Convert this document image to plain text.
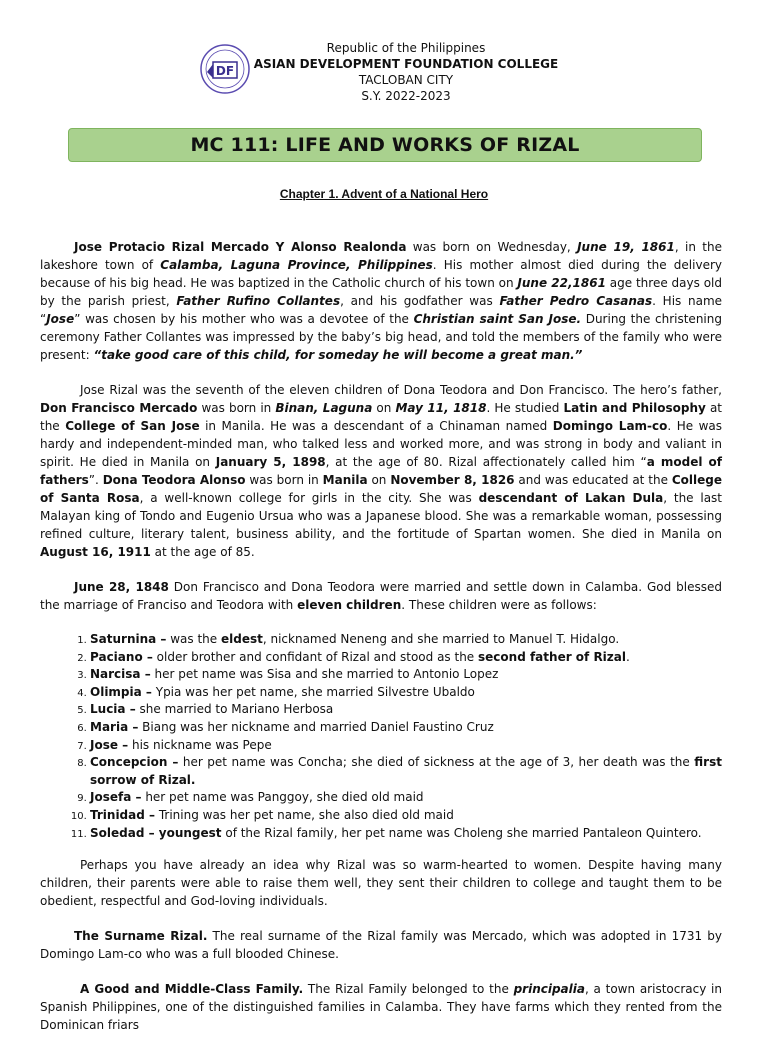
DF
Republic of the Philippines
ASIAN DEVELOPMENT FOUNDATION COLLEGE
TACLOBAN CITY
S.Y. 2022-2023
MC 111: LIFE AND WORKS OF RIZAL
Chapter 1. Advent of a National Hero

Jose Protacio Rizal Mercado Y Alonso Realonda was born on Wednesday, June 19, 1861, in the lakeshore town of Calamba, Laguna Province, Philippines. His mother almost died during the delivery because of his big head. He was baptized in the Catholic church of his town on June 22,1861 age three days old by the parish priest, Father Rufino Collantes, and his godfather was Father Pedro Casanas. His name “Jose” was chosen by his mother who was a devotee of the Christian saint San Jose. During the christening ceremony Father Collantes was impressed by the baby’s big head, and told the members of the family who were present: “take good care of this child, for someday he will become a great man.”

Jose Rizal was the seventh of the eleven children of Dona Teodora and Don Francisco. The hero’s father, Don Francisco Mercado was born in Binan, Laguna on May 11, 1818. He studied Latin and Philosophy at the College of San Jose in Manila. He was a descendant of a Chinaman named Domingo Lam-co. He was hardy and independent-minded man, who talked less and worked more, and was strong in body and valiant in spirit. He died in Manila on January 5, 1898, at the age of 80. Rizal affectionately called him “a model of fathers”. Dona Teodora Alonso was born in Manila on November 8, 1826 and was educated at the College of Santa Rosa, a well-known college for girls in the city. She was descendant of Lakan Dula, the last Malayan king of Tondo and Eugenio Ursua who was a Japanese blood. She was a remarkable woman, possessing refined culture, literary talent, business ability, and the fortitude of Spartan women. She died in Manila on August 16, 1911 at the age of 85.

June 28, 1848 Don Francisco and Dona Teodora were married and settle down in Calamba. God blessed the marriage of Franciso and Teodora with eleven children. These children were as follows:

1. Saturnina – was the eldest, nicknamed Neneng and she married to Manuel T. Hidalgo.
2. Paciano – older brother and confidant of Rizal and stood as the second father of Rizal.
3. Narcisa – her pet name was Sisa and she married to Antonio Lopez
4. Olimpia – Ypia was her pet name, she married Silvestre Ubaldo
5. Lucia – she married to Mariano Herbosa
6. Maria – Biang was her nickname and married Daniel Faustino Cruz
7. Jose – his nickname was Pepe
8. Concepcion – her pet name was Concha; she died of sickness at the age of 3, her death was the first sorrow of Rizal.
9. Josefa – her pet name was Panggoy, she died old maid
10. Trinidad – Trining was her pet name, she also died old maid
11. Soledad – youngest of the Rizal family, her pet name was Choleng she married Pantaleon Quintero.

Perhaps you have already an idea why Rizal was so warm-hearted to women. Despite having many children, their parents were able to raise them well, they sent their children to college and taught them to be obedient, respectful and God-loving individuals.

The Surname Rizal. The real surname of the Rizal family was Mercado, which was adopted in 1731 by Domingo Lam-co who was a full blooded Chinese.

A Good and Middle-Class Family. The Rizal Family belonged to the principalia, a town aristocracy in Spanish Philippines, one of the distinguished families in Calamba. They have farms which they rented from the Dominican friars
